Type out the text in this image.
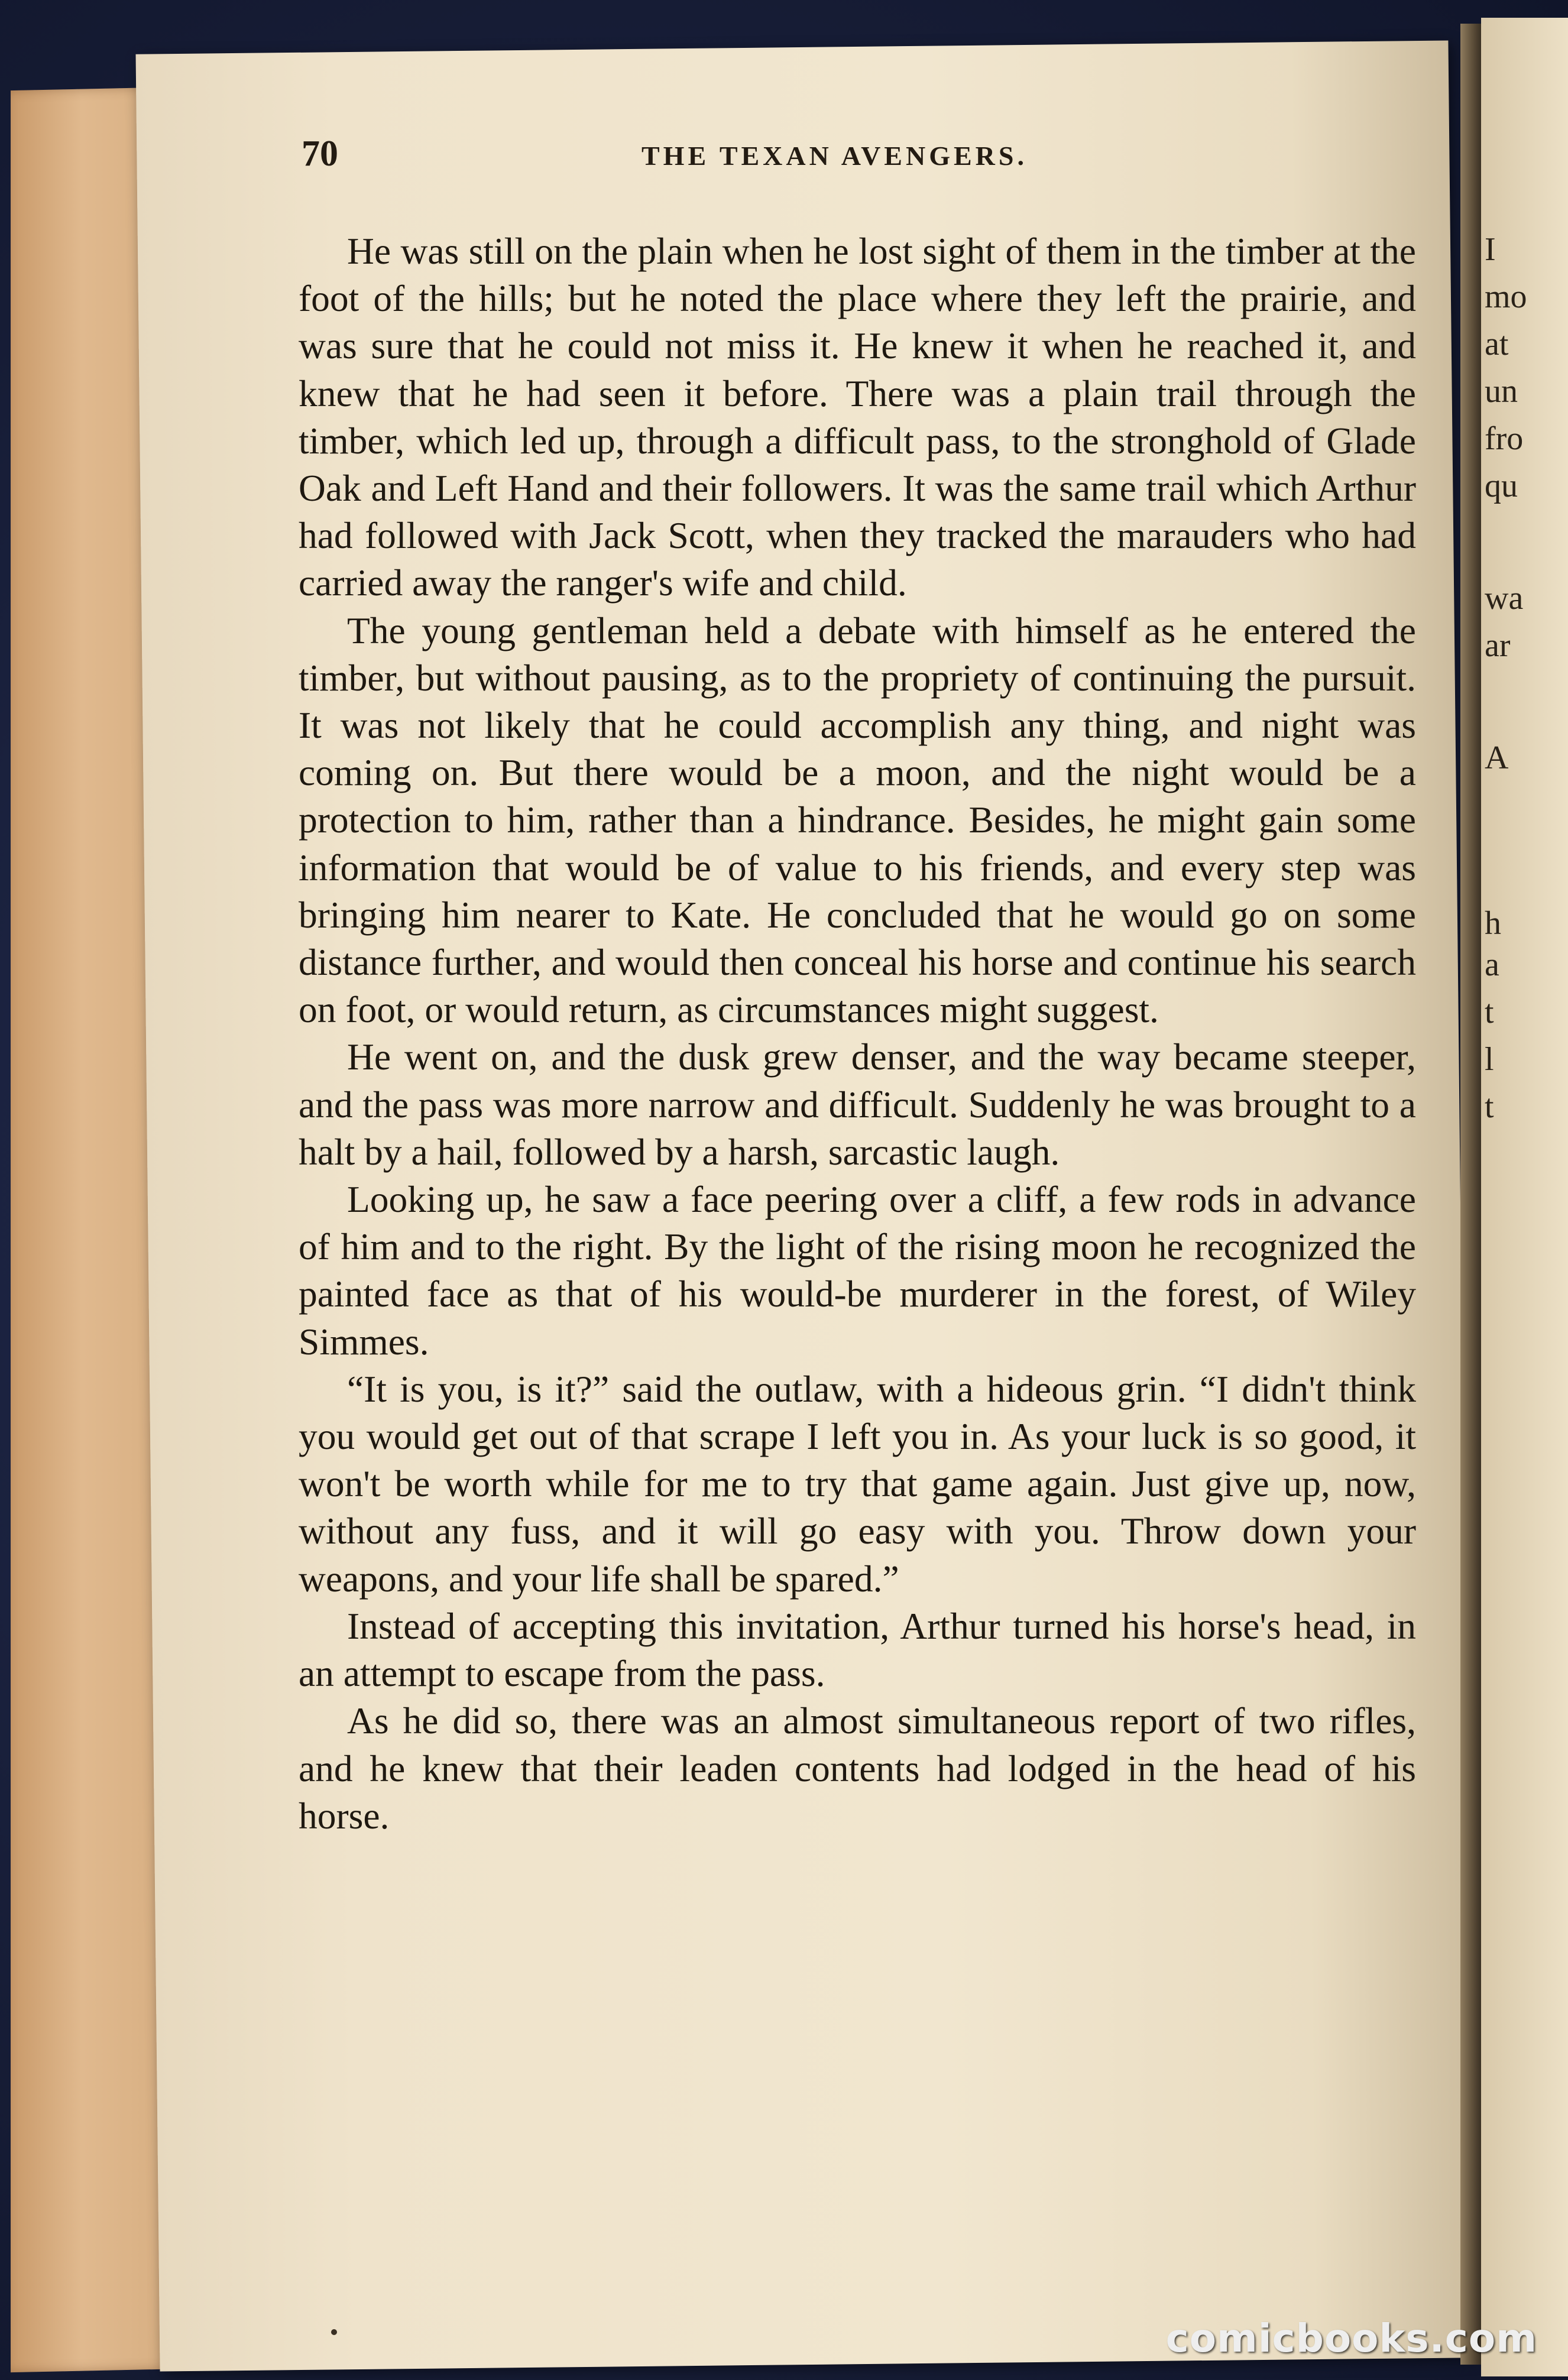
I
mo
at
un
fro
qu
wa
ar
A
h
a
t
l
t
70	THE TEXAN AVENGERS.

He was still on the plain when he lost sight of them in the timber at the foot of the hills; but he noted the place where they left the prairie, and was sure that he could not miss it. He knew it when he reached it, and knew that he had seen it before. There was a plain trail through the timber, which led up, through a difficult pass, to the stronghold of Glade Oak and Left Hand and their followers. It was the same trail which Arthur had followed with Jack Scott, when they tracked the marauders who had carried away the ranger's wife and child.

The young gentleman held a debate with himself as he entered the timber, but without pausing, as to the propriety of continuing the pursuit. It was not likely that he could accomplish any thing, and night was coming on. But there would be a moon, and the night would be a protection to him, rather than a hindrance. Besides, he might gain some information that would be of value to his friends, and every step was bringing him nearer to Kate. He concluded that he would go on some distance further, and would then conceal his horse and continue his search on foot, or would return, as circumstances might suggest.

He went on, and the dusk grew denser, and the way became steeper, and the pass was more narrow and difficult. Suddenly he was brought to a halt by a hail, followed by a harsh, sarcastic laugh.

Looking up, he saw a face peering over a cliff, a few rods in advance of him and to the right. By the light of the rising moon he recognized the painted face as that of his would-be murderer in the forest, of Wiley Simmes.

“It is you, is it?” said the outlaw, with a hideous grin. “I didn't think you would get out of that scrape I left you in. As your luck is so good, it won't be worth while for me to try that game again. Just give up, now, without any fuss, and it will go easy with you. Throw down your weapons, and your life shall be spared.”

Instead of accepting this invitation, Arthur turned his horse's head, in an attempt to escape from the pass.

As he did so, there was an almost simultaneous report of two rifles, and he knew that their leaden contents had lodged in the head of his horse.

comicbooks.com
